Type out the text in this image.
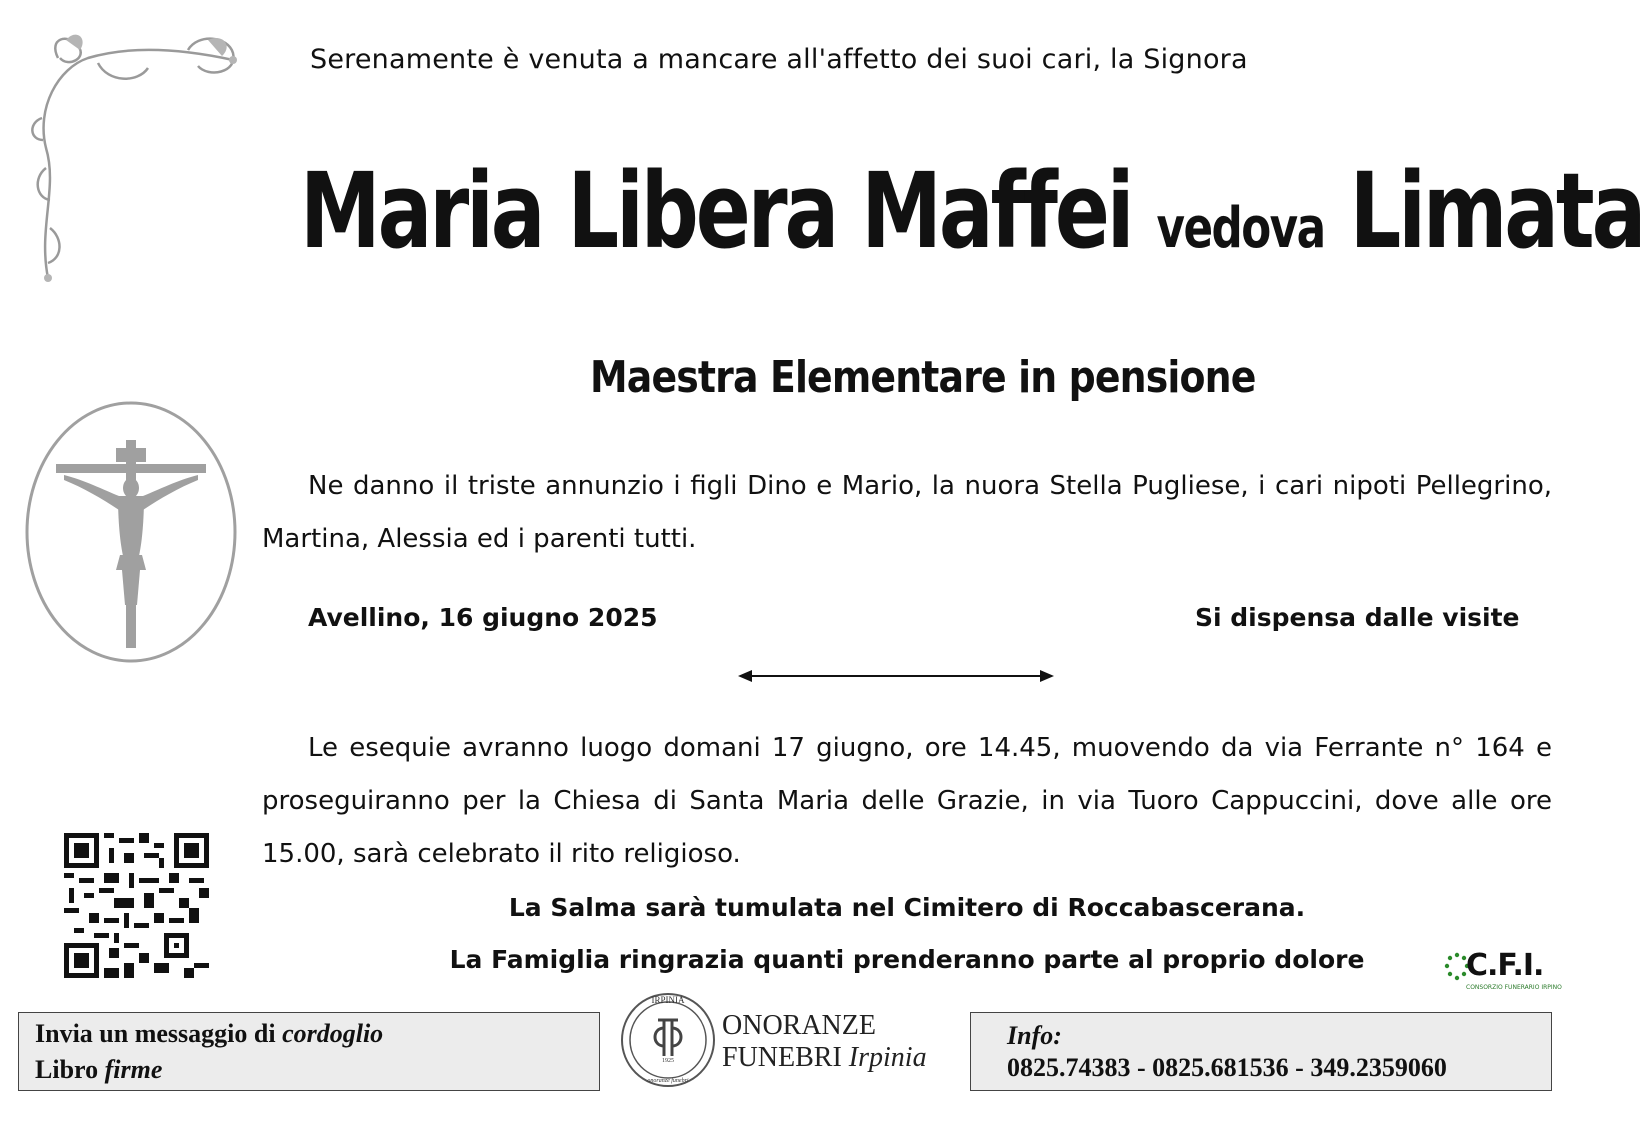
Serenamente è venuta a mancare all'affetto dei suoi cari, la Signora
Maria Libera Maffei vedova Limata
Maestra Elementare in pensione
Ne danno il triste annunzio i figli Dino e Mario, la nuora Stella Pugliese, i cari nipoti Pellegrino, Martina, Alessia ed i parenti tutti.
Avellino, 16 giugno 2025	Si dispensa dalle visite
Le esequie avranno luogo domani 17 giugno, ore 14.45, muovendo da via Ferrante n° 164 e proseguiranno per la Chiesa di Santa Maria delle Grazie, in via Tuoro Cappuccini, dove alle ore 15.00, sarà celebrato il rito religioso.
La Salma sarà tumulata nel Cimitero di Roccabascerana.
La Famiglia ringrazia quanti prenderanno parte al proprio dolore	C.F.I.
CONSORZIO FUNERARIO IRPINO
Invia un messaggio di cordoglio
Libro firme
IRPINIA
1925
onoranze funebri
ONORANZE
FUNEBRI Irpinia
Info:
0825.74383 - 0825.681536 - 349.2359060
